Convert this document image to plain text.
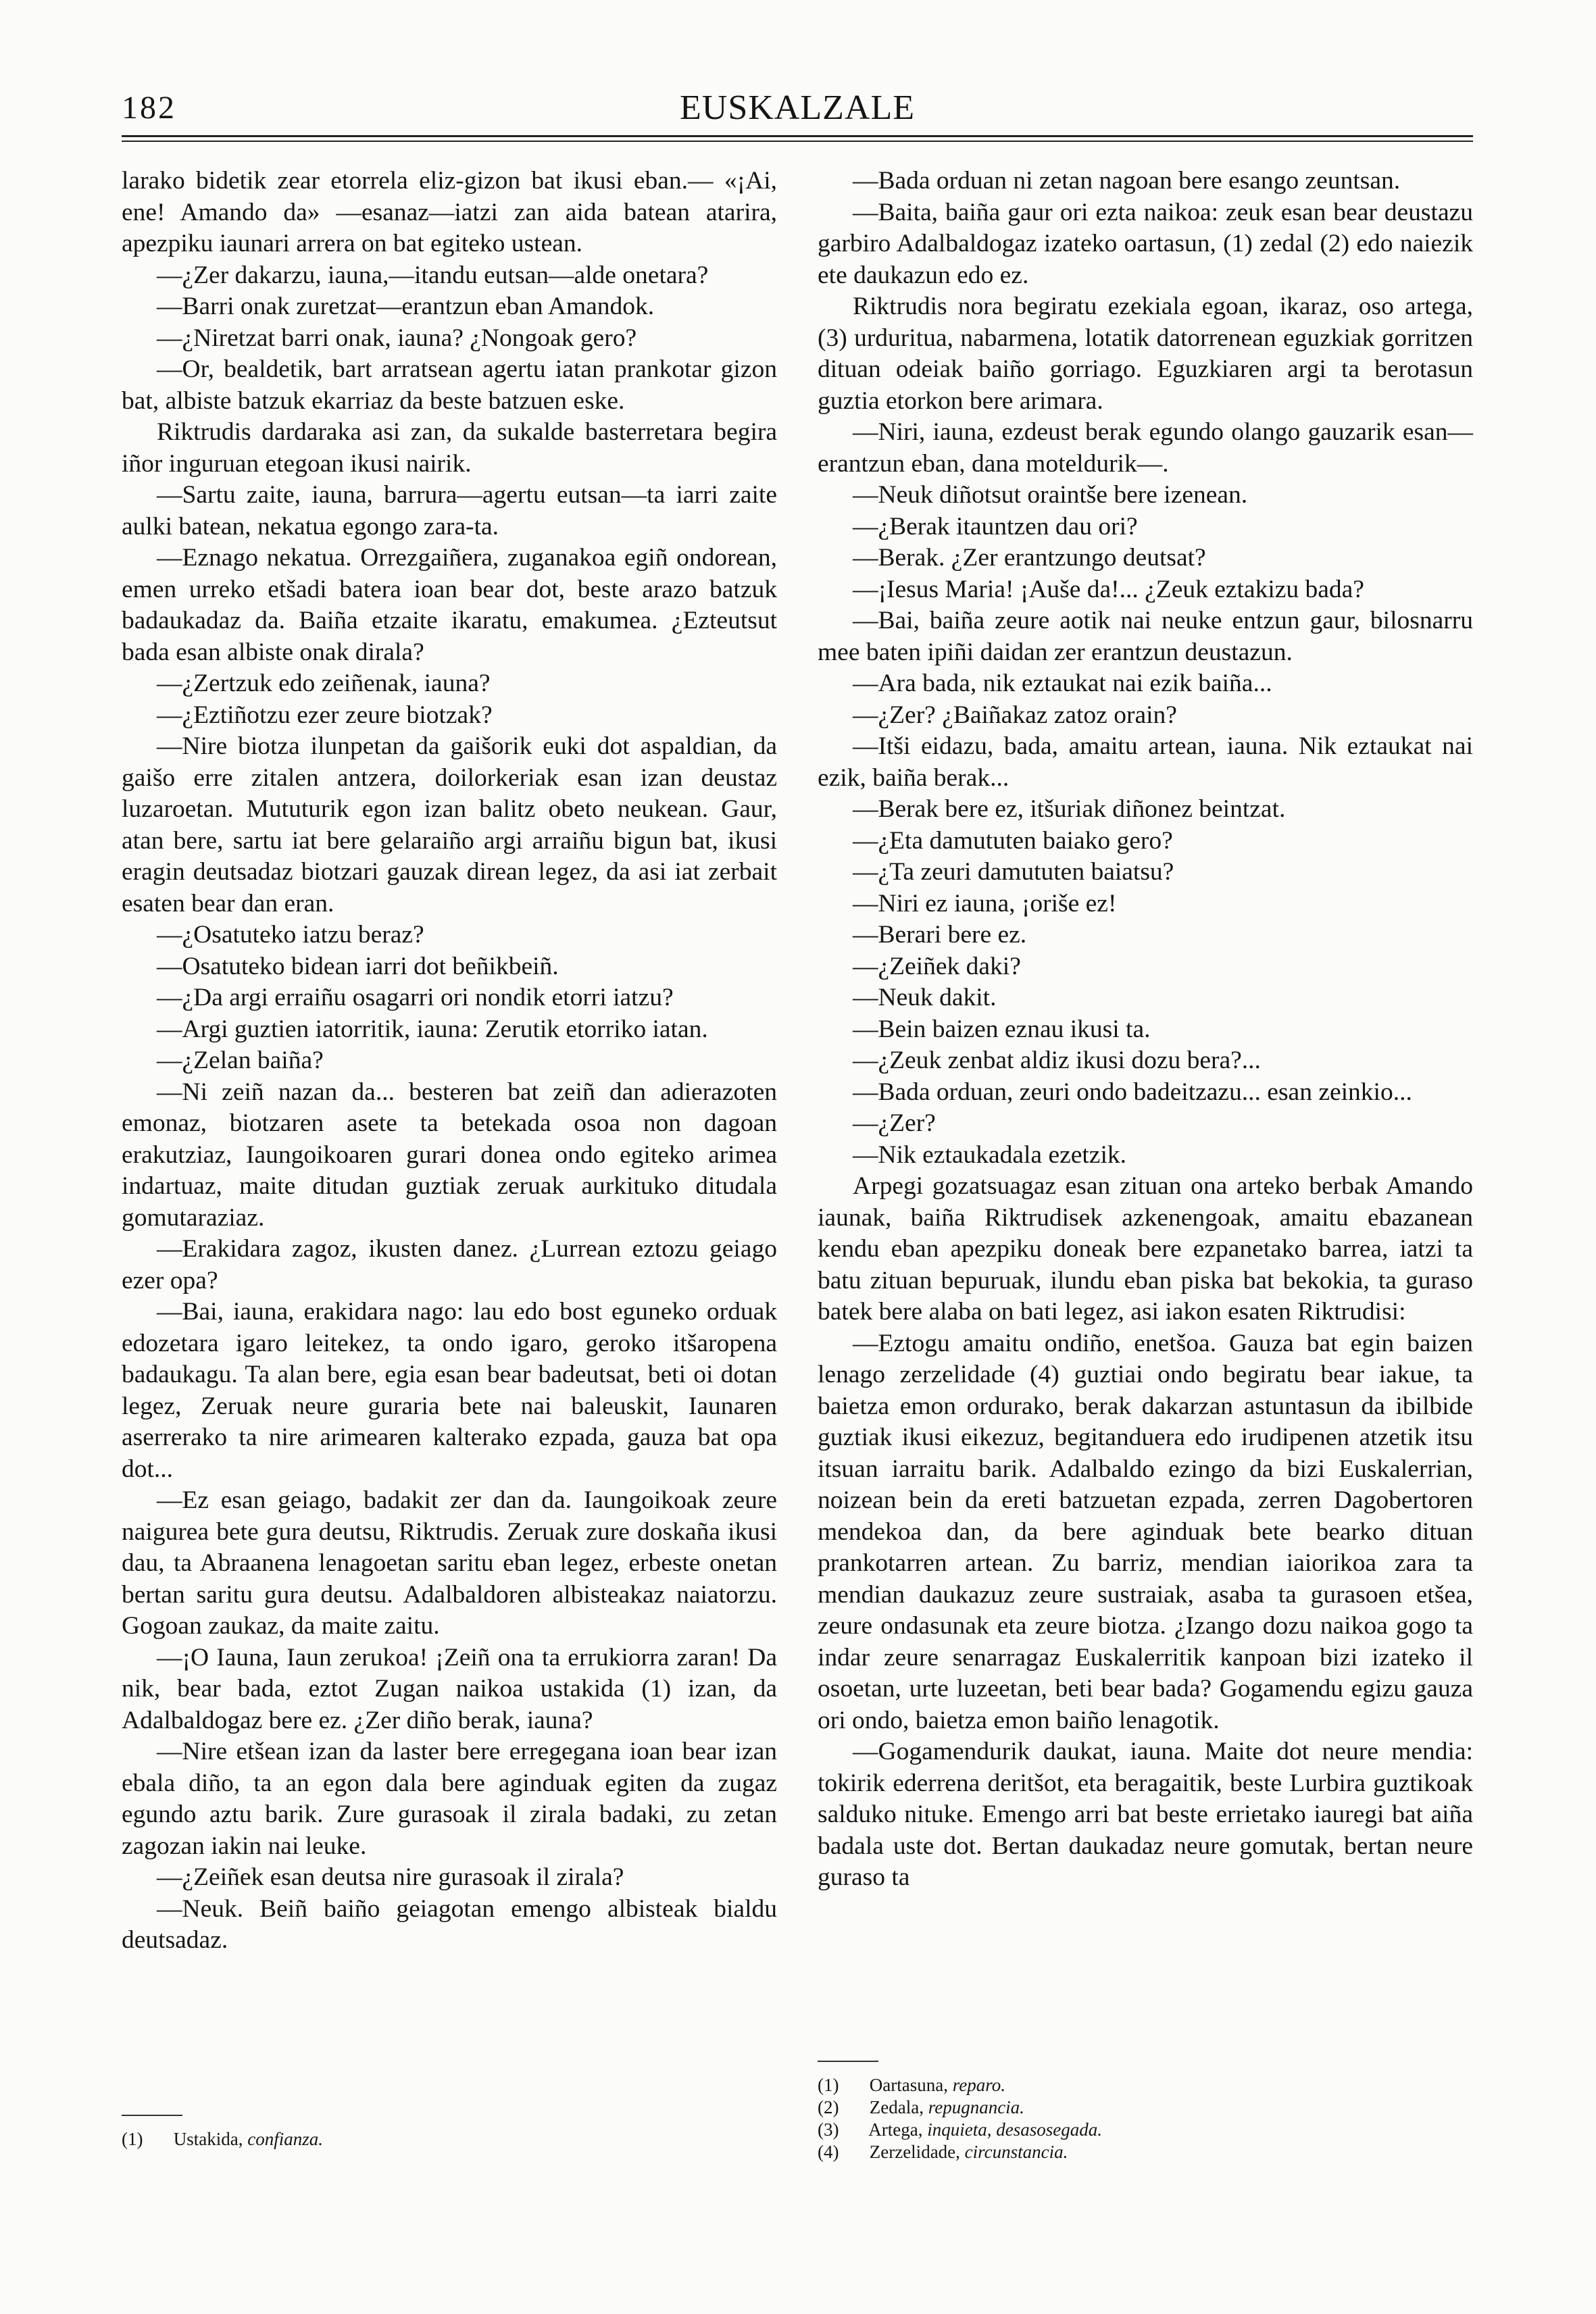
182	EUSKALZALE

larako bidetik zear etorrela eliz-gizon bat ikusi eban.— «¡Ai, ene! Amando da» —esanaz—iatzi zan aida batean atarira, apezpiku iaunari arrera on bat egiteko ustean.

—¿Zer dakarzu, iauna,—itandu eutsan—alde onetara?

—Barri onak zuretzat—erantzun eban Amandok.

—¿Niretzat barri onak, iauna? ¿Nongoak gero?

—Or, bealdetik, bart arratsean agertu iatan prankotar gizon bat, albiste batzuk ekarriaz da beste batzuen eske.

Riktrudis dardaraka asi zan, da sukalde basterretara begira iñor inguruan etegoan ikusi nairik.

—Sartu zaite, iauna, barrura—agertu eutsan—ta iarri zaite aulki batean, nekatua egongo zara-ta.

—Eznago nekatua. Orrezgaiñera, zuganakoa egiñ ondorean, emen urreko etšadi batera ioan bear dot, beste arazo batzuk badaukadaz da. Baiña etzaite ikaratu, emakumea. ¿Ezteutsut bada esan albiste onak dirala?

—¿Zertzuk edo zeiñenak, iauna?

—¿Eztiñotzu ezer zeure biotzak?

—Nire biotza ilunpetan da gaišorik euki dot aspaldian, da gaišo erre zitalen antzera, doilorkeriak esan izan deustaz luzaroetan. Mututurik egon izan balitz obeto neukean. Gaur, atan bere, sartu iat bere gelaraiño argi arraiñu bigun bat, ikusi eragin deutsadaz biotzari gauzak direan legez, da asi iat zerbait esaten bear dan eran.

—¿Osatuteko iatzu beraz?

—Osatuteko bidean iarri dot beñikbeiñ.

—¿Da argi erraiñu osagarri ori nondik etorri iatzu?

—Argi guztien iatorritik, iauna: Zerutik etorriko iatan.

—¿Zelan baiña?

—Ni zeiñ nazan da... besteren bat zeiñ dan adierazoten emonaz, biotzaren asete ta betekada osoa non dagoan erakutziaz, Iaungoikoaren gurari donea ondo egiteko arimea indartuaz, maite ditudan guztiak zeruak aurkituko ditudala gomutaraziaz.

—Erakidara zagoz, ikusten danez. ¿Lurrean eztozu geiago ezer opa?

—Bai, iauna, erakidara nago: lau edo bost eguneko orduak edozetara igaro leitekez, ta ondo igaro, geroko itšaropena badaukagu. Ta alan bere, egia esan bear badeutsat, beti oi dotan legez, Zeruak neure guraria bete nai baleuskit, Iaunaren aserrerako ta nire arimearen kalterako ezpada, gauza bat opa dot...

—Ez esan geiago, badakit zer dan da. Iaungoikoak zeure naigurea bete gura deutsu, Riktrudis. Zeruak zure doskaña ikusi dau, ta Abraanena lenagoetan saritu eban legez, erbeste onetan bertan saritu gura deutsu. Adalbaldoren albisteakaz naiatorzu. Gogoan zaukaz, da maite zaitu.

—¡O Iauna, Iaun zerukoa! ¡Zeiñ ona ta errukiorra zaran! Da nik, bear bada, eztot Zugan naikoa ustakida (1) izan, da Adalbaldogaz bere ez. ¿Zer diño berak, iauna?

—Nire etšean izan da laster bere erregegana ioan bear izan ebala diño, ta an egon dala bere aginduak egiten da zugaz egundo aztu barik. Zure gurasoak il zirala badaki, zu zetan zagozan iakin nai leuke.

—¿Zeiñek esan deutsa nire gurasoak il zirala?

—Neuk. Beiñ baiño geiagotan emengo albisteak bialdu deutsadaz.

—Bada orduan ni zetan nagoan bere esango zeuntsan.

—Baita, baiña gaur ori ezta naikoa: zeuk esan bear deustazu garbiro Adalbaldogaz izateko oartasun, (1) zedal (2) edo naiezik ete daukazun edo ez.

Riktrudis nora begiratu ezekiala egoan, ikaraz, oso artega, (3) urduritua, nabarmena, lotatik datorrenean eguzkiak gorritzen dituan odeiak baiño gorriago. Eguzkiaren argi ta berotasun guztia etorkon bere arimara.

—Niri, iauna, ezdeust berak egundo olango gauzarik esan—erantzun eban, dana moteldurik—.

—Neuk diñotsut oraintše bere izenean.

—¿Berak itauntzen dau ori?

—Berak. ¿Zer erantzungo deutsat?

—¡Iesus Maria! ¡Auše da!... ¿Zeuk eztakizu bada?

—Bai, baiña zeure aotik nai neuke entzun gaur, bilosnarru mee baten ipiñi daidan zer erantzun deustazun.

—Ara bada, nik eztaukat nai ezik baiña...

—¿Zer? ¿Baiñakaz zatoz orain?

—Itši eidazu, bada, amaitu artean, iauna. Nik eztaukat nai ezik, baiña berak...

—Berak bere ez, itšuriak diñonez beintzat.

—¿Eta damututen baiako gero?

—¿Ta zeuri damututen baiatsu?

—Niri ez iauna, ¡oriše ez!

—Berari bere ez.

—¿Zeiñek daki?

—Neuk dakit.

—Bein baizen eznau ikusi ta.

—¿Zeuk zenbat aldiz ikusi dozu bera?...

—Bada orduan, zeuri ondo badeitzazu... esan zeinkio...

—¿Zer?

—Nik eztaukadala ezetzik.

Arpegi gozatsuagaz esan zituan ona arteko berbak Amando iaunak, baiña Riktrudisek azkenengoak, amaitu ebazanean kendu eban apezpiku doneak bere ezpanetako barrea, iatzi ta batu zituan bepuruak, ilundu eban piska bat bekokia, ta guraso batek bere alaba on bati legez, asi iakon esaten Riktrudisi:

—Eztogu amaitu ondiño, enetšoa. Gauza bat egin baizen lenago zerzelidade (4) guztiai ondo begiratu bear iakue, ta baietza emon ordurako, berak dakarzan astuntasun da ibilbide guztiak ikusi eikezuz, begitanduera edo irudipenen atzetik itsu itsuan iarraitu barik. Adalbaldo ezingo da bizi Euskalerrian, noizean bein da ereti batzuetan ezpada, zerren Dagobertoren mendekoa dan, da bere aginduak bete bearko dituan prankotarren artean. Zu barriz, mendian iaiorikoa zara ta mendian daukazuz zeure sustraiak, asaba ta gurasoen etšea, zeure ondasunak eta zeure biotza. ¿Izango dozu naikoa gogo ta indar zeure senarragaz Euskalerritik kanpoan bizi izateko il osoetan, urte luzeetan, beti bear bada? Gogamendu egizu gauza ori ondo, baietza emon baiño lenagotik.

—Gogamendurik daukat, iauna. Maite dot neure mendia: tokirik ederrena deritšot, eta beragaitik, beste Lurbira guztikoak salduko nituke. Emengo arri bat beste errietako iauregi bat aiña badala uste dot. Bertan daukadaz neure gomutak, bertan neure guraso ta

(1) Ustakida, confianza.
(1) Oartasuna, reparo.
(2) Zedala, repugnancia.
(3) Artega, inquieta, desasosegada.
(4) Zerzelidade, circunstancia.
